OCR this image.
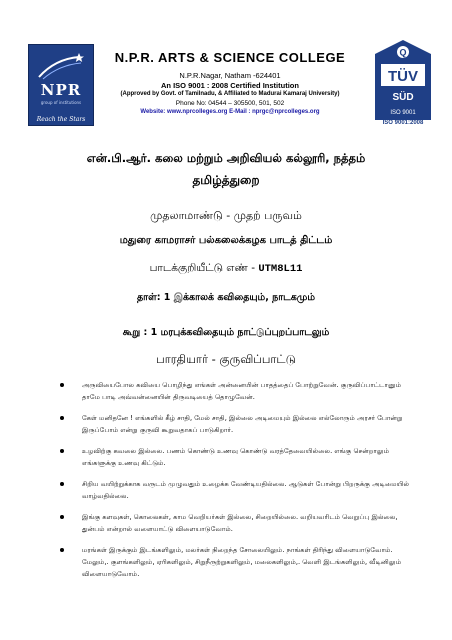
NPR
group of institutions
Reach the Stars
N.P.R. ARTS & SCIENCE COLLEGE
N.P.R.Nagar, Natham -624401
An ISO 9001 : 2008 Certified Institution
(Approved by Govt. of Tamilnadu, & Affiliated to Madurai Kamaraj University)
Phone No: 04544 – 305500, 501, 502
Website: www.nprcolleges.org E-Mail : nprgc@nprcolleges.org
Q
TÜV
SÜD
ISO 9001
ISO 9001:2008
என்.பி.ஆர். கலை மற்றும் அறிவியல் கல்லூரி, நத்தம்
தமிழ்த்துறை
முதலாமாண்டு - முதற் பருவம்
மதுரை காமராசர் பல்கலைக்கழக பாடத் திட்டம்
பாடக்குறியீட்டு எண் - UTM8L11
தாள்: 1 இக்காலக் கவிதையும், நாடகமும்
கூறு : 1 மரபுக்கவிதையும் நாட்டுப்புறப்பாடலும்
பாரதியார் - குருவிப்பாட்டு
அருவியைபோல கவியை பொழிந்து எங்கள் அன்னையின் பாதத்தைப் போற்றுவேன். குருவிப்பாட்டானும் தாமே பாடி அவ்வன்னையின் திருவடியைத் தொழுவேன்.
கேள் மனிதனே ! எங்களில் கீழ் சாதி, மேல் சாதி, இல்லை அடிமையும் இல்லை எல்லோரும் அரசர் போன்று இருப்போம் என்று குருவி கூறுவதாகப் பாடுகிறார்.
உழவிற்கு கவலை இல்லை. பணம் கொண்டு உணவு கொண்டு வரத்தேவையில்லை. எங்கு சென்றாலும் எங்களுக்கு உணவு கிட்டும்.
சிறிய வயிற்றுக்காக வருடம் முழுவதும் உழைக்க வேண்டியதில்லை. ஆடுகள் போன்று பிறருக்கு அடிமையில் வாழ்வதில்லை.
இங்கு களவுகள், கொலைகள், காம வெறியர்கள் இல்லை, சிறையில்லை. வறியவரிடம் வெறுப்பு இல்லை, துன்பம் என்றால் வளையாட்டு விளையாடுவோம்.
மரங்கள் இருக்கும் இடங்களிலும், மலர்கள் நிறைந்த சோலையிலும். நாங்கள் திரிந்து விளையாடுவோம். மேலும்,. குளங்களிலும், ஏரிகளிலும், சிறுநீருற்றுகளிலும், மலைகளிலும்,. வெளி இடங்களிலும், வீடினிலும் விளையாடுவோம்.
